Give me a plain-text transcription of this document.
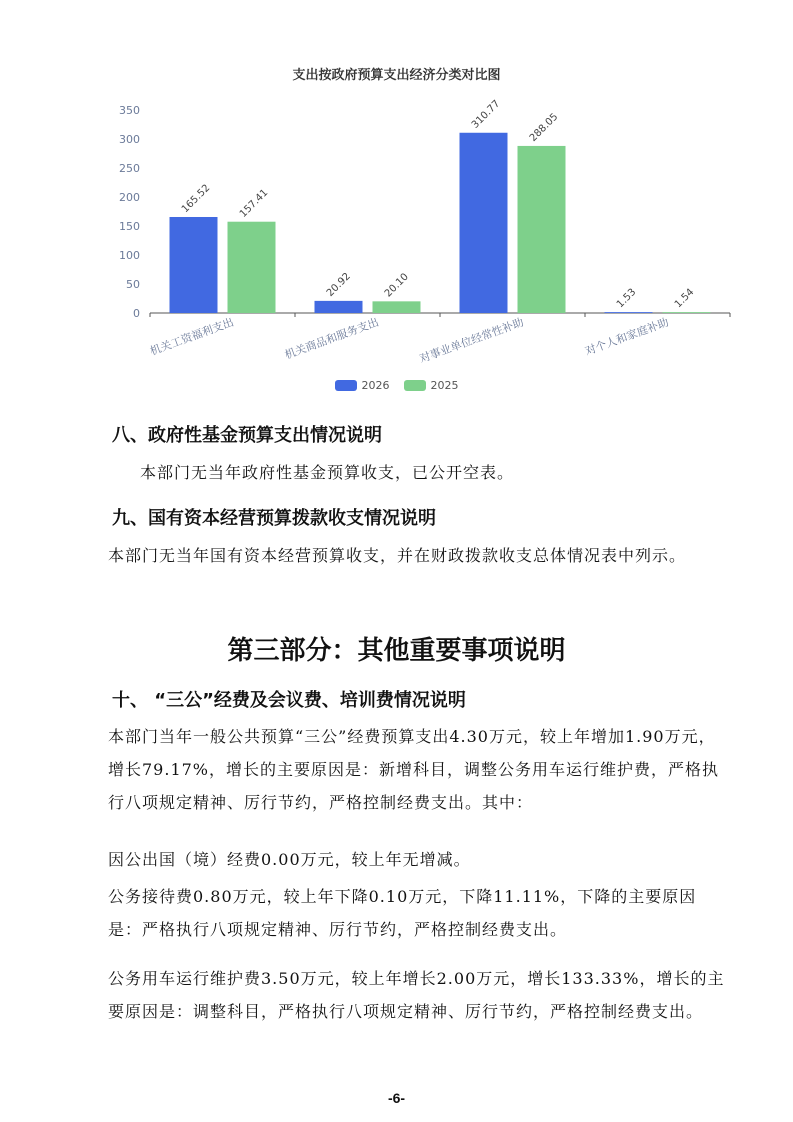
支出按政府预算支出经济分类对比图
0
50
100
150
200
250
300
350
165.52	157.41
机关工资福利支出
20.92	20.10
机关商品和服务支出
310.77	288.05
对事业单位经常性补助
1.53	1.54
对个人和家庭补助
2026	2025
八、政府性基金预算支出情况说明
本部门无当年政府性基金预算收支，已公开空表。
九、国有资本经营预算拨款收支情况说明
本部门无当年国有资本经营预算收支，并在财政拨款收支总体情况表中列示。
第三部分：其他重要事项说明
十、 “三公”经费及会议费、培训费情况说明
本部门当年一般公共预算“三公”经费预算支出4.30万元，较上年增加1.90万元，增长79.17%，增长的主要原因是：新增科目，调整公务用车运行维护费，严格执行八项规定精神、厉行节约，严格控制经费支出。其中：
因公出国（境）经费0.00万元，较上年无增减。
公务接待费0.80万元，较上年下降0.10万元，下降11.11%，下降的主要原因是：严格执行八项规定精神、厉行节约，严格控制经费支出。
公务用车运行维护费3.50万元，较上年增长2.00万元，增长133.33%，增长的主要原因是：调整科目，严格执行八项规定精神、厉行节约，严格控制经费支出。
-6-
